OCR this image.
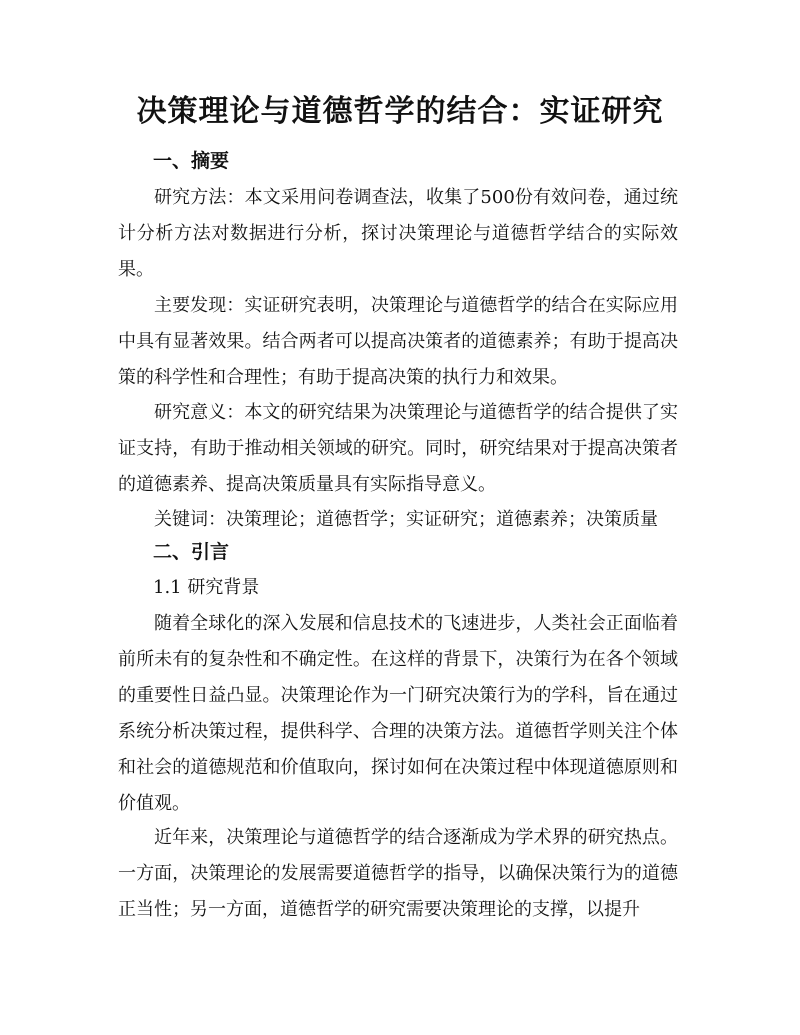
决策理论与道德哲学的结合：实证研究
一、摘要

研究方法：本文采用问卷调查法，收集了500份有效问卷，通过统计分析方法对数据进行分析，探讨决策理论与道德哲学结合的实际效果。

主要发现：实证研究表明，决策理论与道德哲学的结合在实际应用中具有显著效果。结合两者可以提高决策者的道德素养；有助于提高决策的科学性和合理性；有助于提高决策的执行力和效果。

研究意义：本文的研究结果为决策理论与道德哲学的结合提供了实证支持，有助于推动相关领域的研究。同时，研究结果对于提高决策者的道德素养、提高决策质量具有实际指导意义。

关键词：决策理论；道德哲学；实证研究；道德素养；决策质量

二、引言
1.1 研究背景

随着全球化的深入发展和信息技术的飞速进步，人类社会正面临着前所未有的复杂性和不确定性。在这样的背景下，决策行为在各个领域的重要性日益凸显。决策理论作为一门研究决策行为的学科，旨在通过系统分析决策过程，提供科学、合理的决策方法。道德哲学则关注个体和社会的道德规范和价值取向，探讨如何在决策过程中体现道德原则和价值观。

近年来，决策理论与道德哲学的结合逐渐成为学术界的研究热点。一方面，决策理论的发展需要道德哲学的指导，以确保决策行为的道德正当性；另一方面，道德哲学的研究需要决策理论的支撑，以提升
